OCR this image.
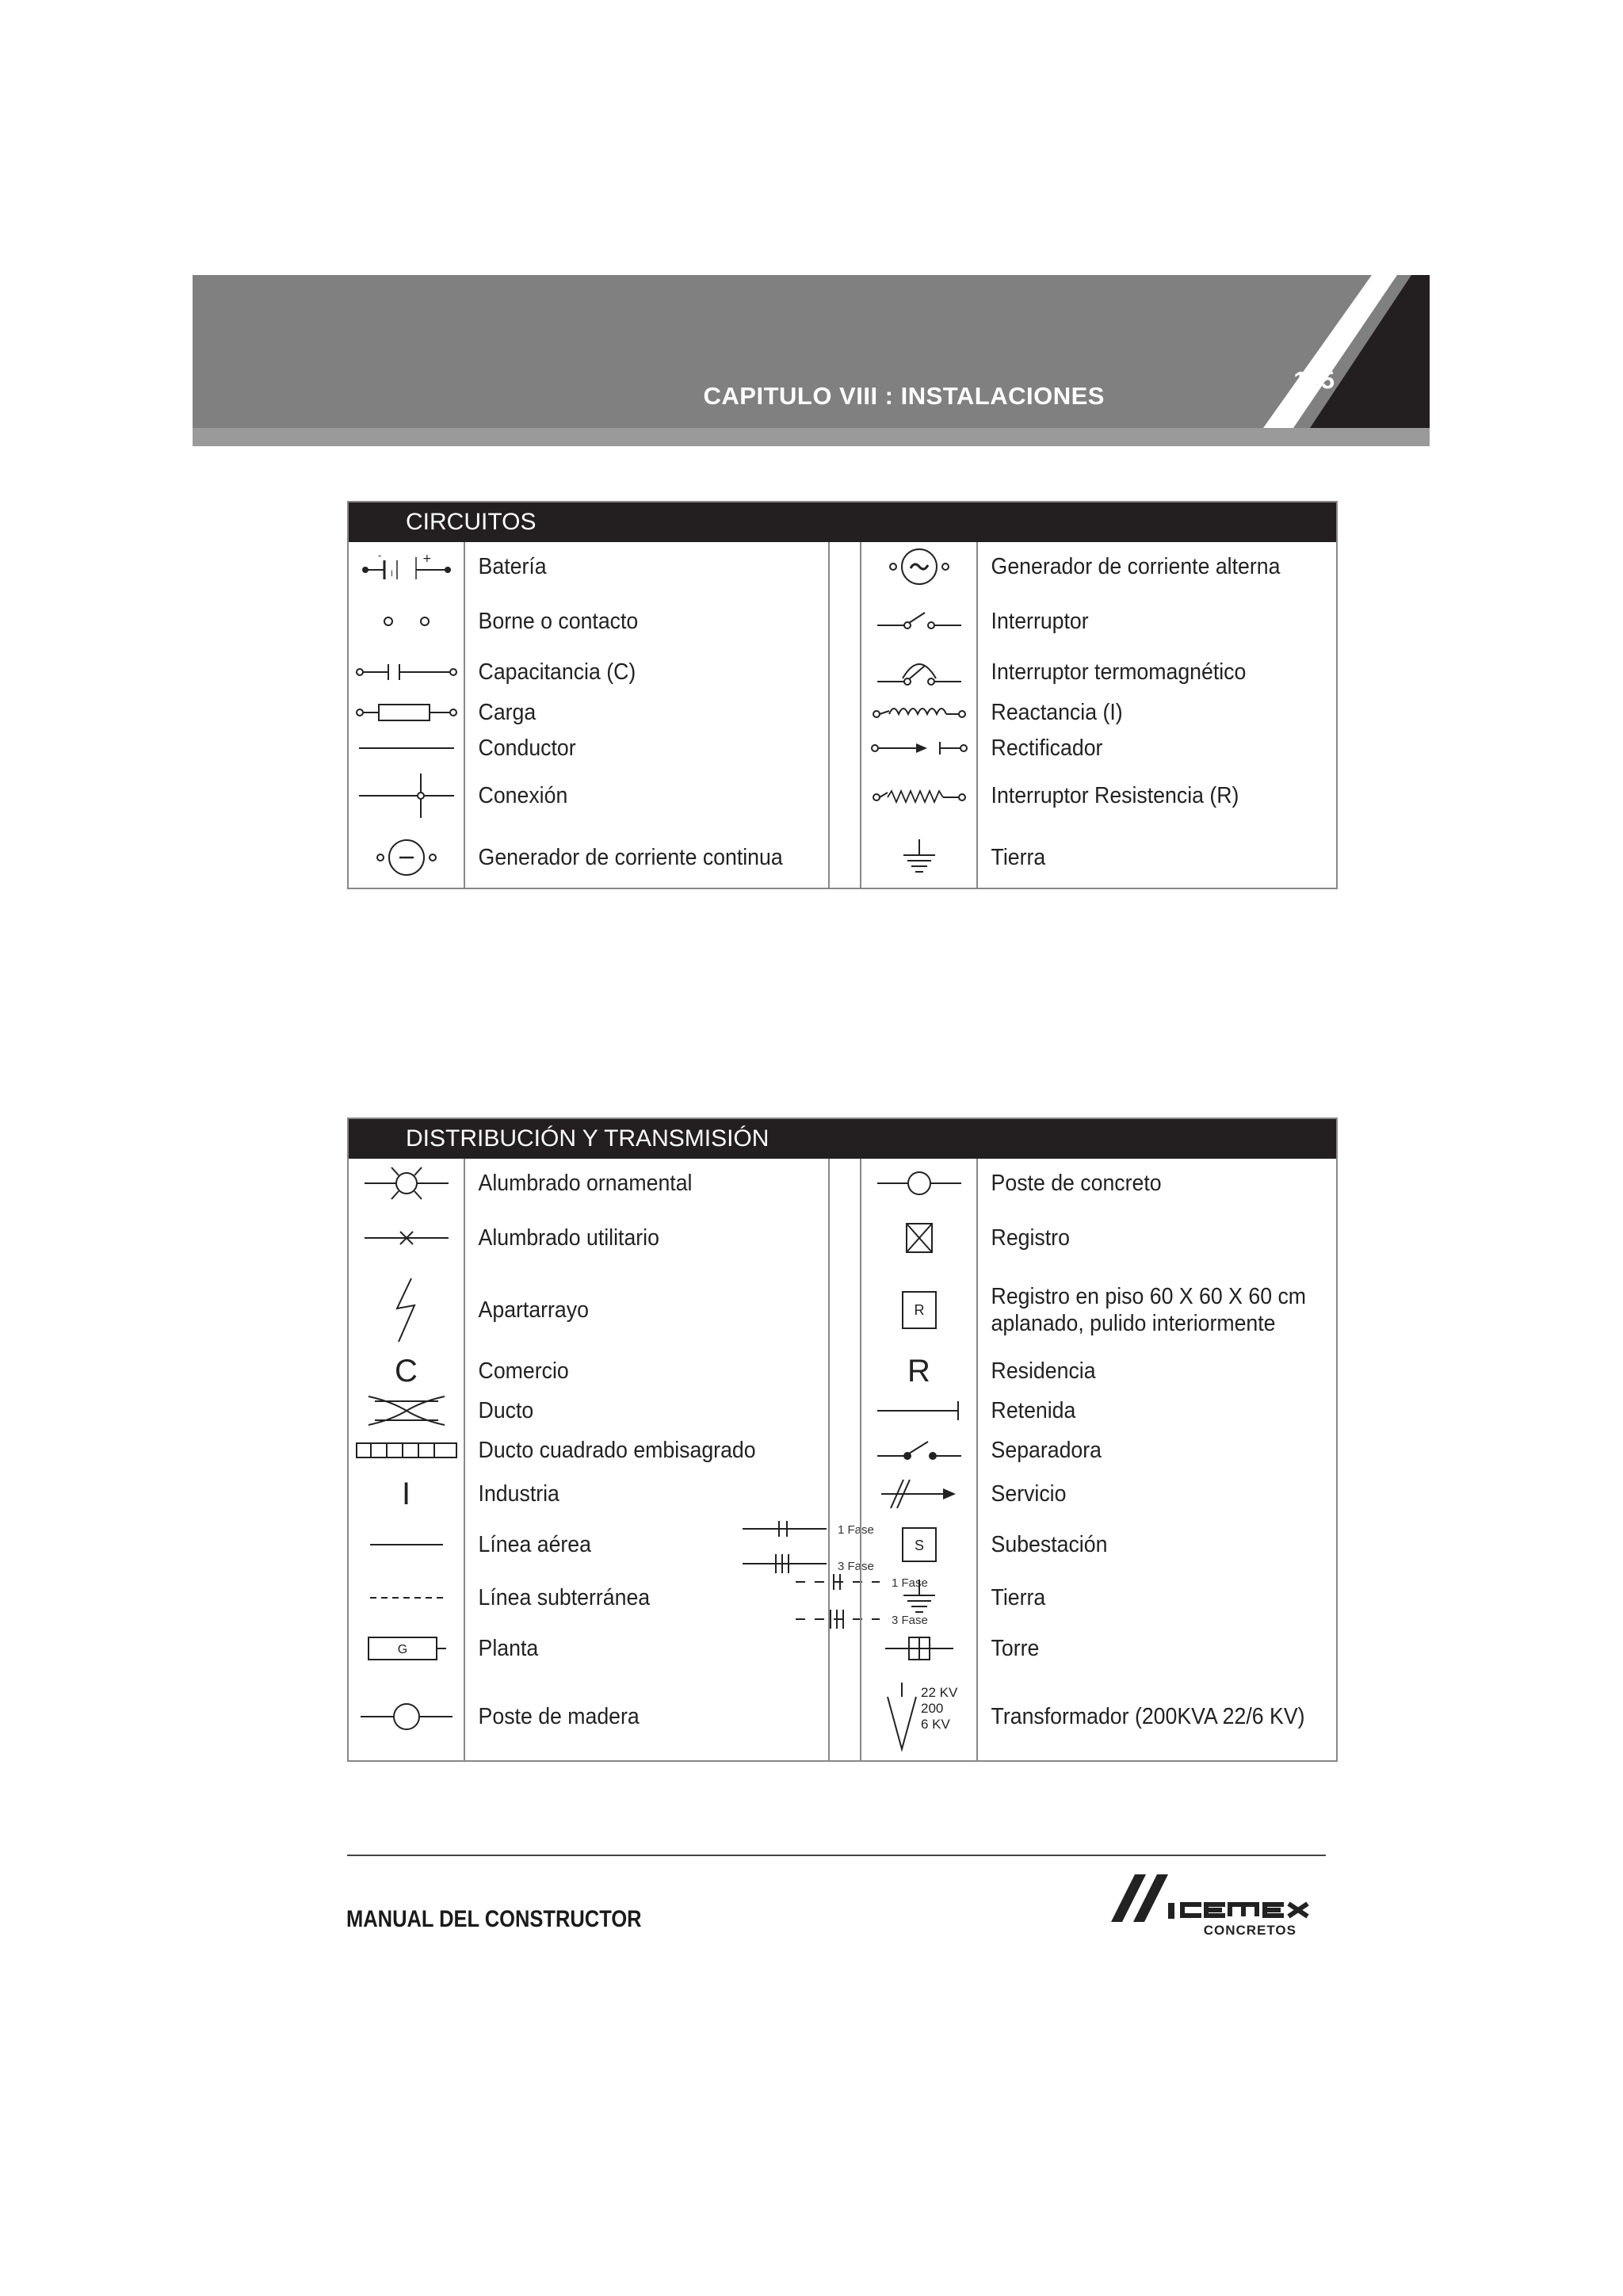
CAPITULO VIII : INSTALACIONES
185
CIRCUITOS
-
l
+	Batería
Borne o contacto
Capacitancia (C)
Carga
Conductor
Conexión
Generador de corriente continua
Generador de corriente alterna
Interruptor
Interruptor termomagnético
Reactancia (I)
Rectificador
Interruptor Resistencia (R)
Tierra
DISTRIBUCIÓN Y TRANSMISIÓN
C
I
G
Alumbrado ornamental
Alumbrado utilitario
Apartarrayo
Comercio
Ducto
Ducto cuadrado embisagrado
Industria
Línea aérea
Línea subterránea
Planta
Poste de madera
1 Fase
3 Fase
1 Fase
3 Fase
R
R
S
22 KV
200
6 KV
Poste de concreto
Registro
Registro en piso 60 X 60 X 60 cm
aplanado, pulido interiormente
Residencia
Retenida
Separadora
Servicio
Subestación
Tierra
Torre
Transformador (200KVA 22/6 KV)
MANUAL DEL CONSTRUCTOR	CONCRETOS
